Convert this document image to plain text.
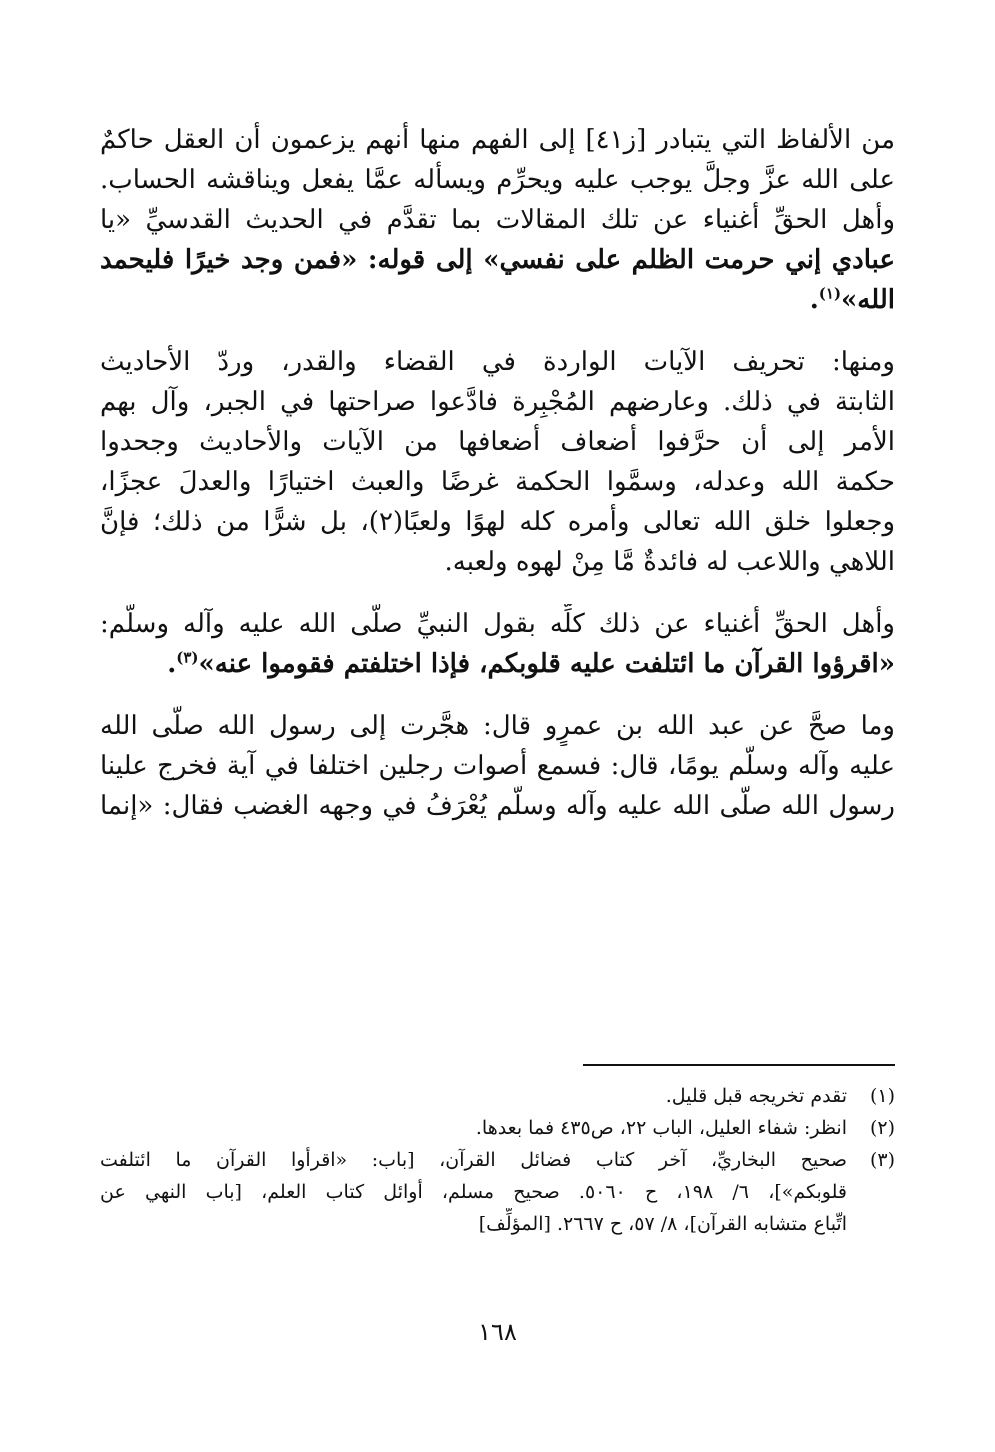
من الألفاظ التي يتبادر [ز٤١] إلى الفهم منها أنهم يزعمون أن العقل حاكمٌ
على الله عزَّ وجلَّ يوجب عليه ويحرِّم ويسأله عمَّا يفعل ويناقشه الحساب.
وأهل الحقِّ أغنياء عن تلك المقالات بما تقدَّم في الحديث القدسيِّ «يا
عبادي إني حرمت الظلم على نفسي» إلى قوله: «فمن وجد خيرًا فليحمد
الله»$^{(١)}$.
ومنها: تحريف الآيات الواردة في القضاء والقدر، وردّ الأحاديث
الثابتة في ذلك. وعارضهم المُجْبِرة فادَّعوا صراحتها في الجبر، وآل بهم
الأمر إلى أن حرَّفوا أضعاف أضعافها من الآيات والأحاديث وجحدوا
حكمة الله وعدله، وسمَّوا الحكمة غرضًا والعبث اختيارًا والعدلَ عجزًا،
وجعلوا خلق الله تعالى وأمره كله لهوًا ولعبًا(٢)، بل شرًّا من ذلك؛ فإنَّ
اللاهي واللاعب له فائدةٌ مَّا مِنْ لهوه ولعبه.
وأهل الحقِّ أغنياء عن ذلك كلِّه بقول النبيِّ صلَّى الله عليه وآله وسلَّم:
«اقرؤوا القرآن ما ائتلفت عليه قلوبكم، فإذا اختلفتم فقوموا عنه»$^{(٣)}$.
وما صحَّ عن عبد الله بن عمرٍو قال: هجَّرت إلى رسول الله صلَّى الله
عليه وآله وسلَّم يومًا، قال: فسمع أصوات رجلين اختلفا في آية فخرج علينا
رسول الله صلَّى الله عليه وآله وسلَّم يُعْرَفُ في وجهه الغضب فقال: «إنما
(١)
تقدم تخريجه قبل قليل.
(٢)
انظر: شفاء العليل، الباب ٢٢، ص٤٣٥ فما بعدها.
(٣)
صحيح البخاريِّ، آخر كتاب فضائل القرآن، [باب: «اقرأوا القرآن ما ائتلفت
قلوبكم»]، ٦/ ١٩٨، ح ٥٠٦٠. صحيح مسلم، أوائل كتاب العلم، [باب النهي عن
اتِّباع متشابه القرآن]، ٨/ ٥٧، ح ٢٦٦٧. [المؤلِّف]
١٦٨
